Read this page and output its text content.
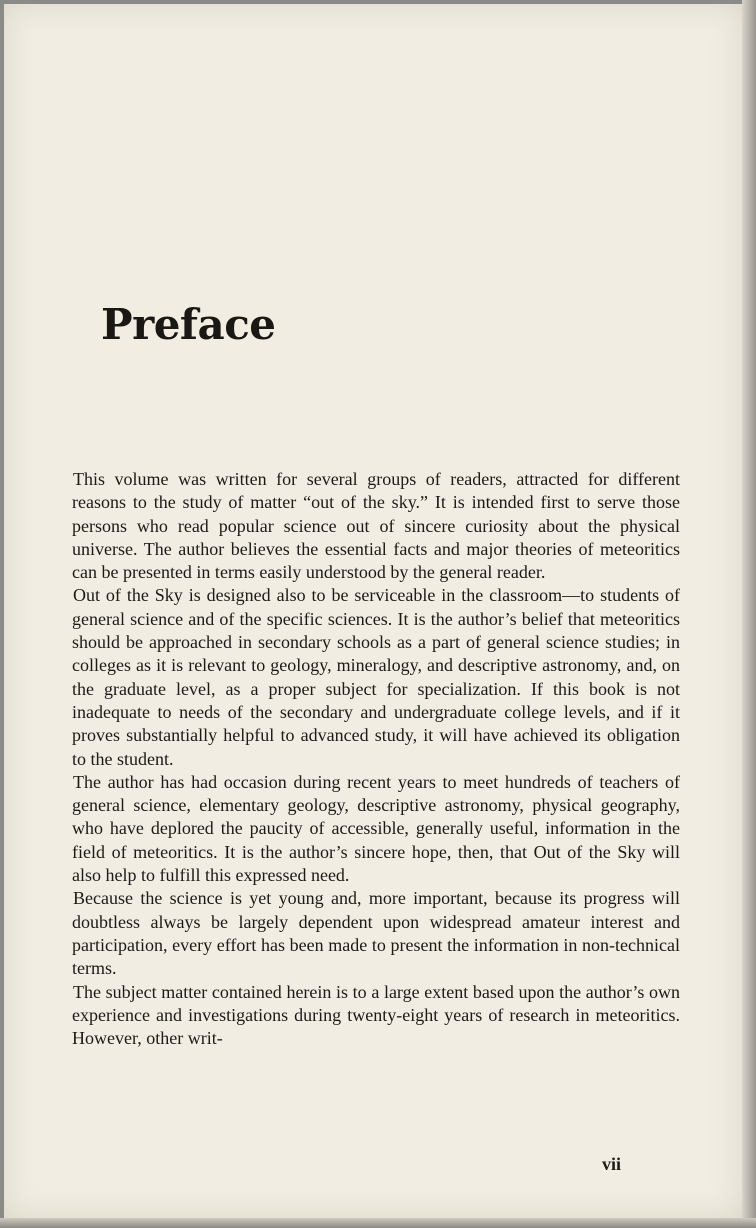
Preface

This volume was written for several groups of readers, attracted for different reasons to the study of matter “out of the sky.” It is intended first to serve those persons who read popular science out of sincere curiosity about the physical universe. The author believes the essential facts and major theories of meteoritics can be presented in terms easily understood by the general reader.

Out of the Sky is designed also to be serviceable in the classroom—to students of general science and of the specific sciences. It is the author’s belief that meteoritics should be approached in secondary schools as a part of general science studies; in colleges as it is relevant to geology, mineralogy, and descriptive astronomy, and, on the graduate level, as a proper subject for specialization. If this book is not inadequate to needs of the secondary and undergraduate college levels, and if it proves substantially helpful to advanced study, it will have achieved its obligation to the student.

The author has had occasion during recent years to meet hundreds of teachers of general science, elementary geology, descriptive astronomy, physical geography, who have deplored the paucity of accessible, generally useful, information in the field of meteoritics. It is the author’s sincere hope, then, that Out of the Sky will also help to fulfill this expressed need.

Because the science is yet young and, more important, because its progress will doubtless always be largely dependent upon widespread amateur interest and participation, every effort has been made to present the information in non-technical terms.

The subject matter contained herein is to a large extent based upon the author’s own experience and investigations during twenty-eight years of research in meteoritics. However, other writ-

vii
